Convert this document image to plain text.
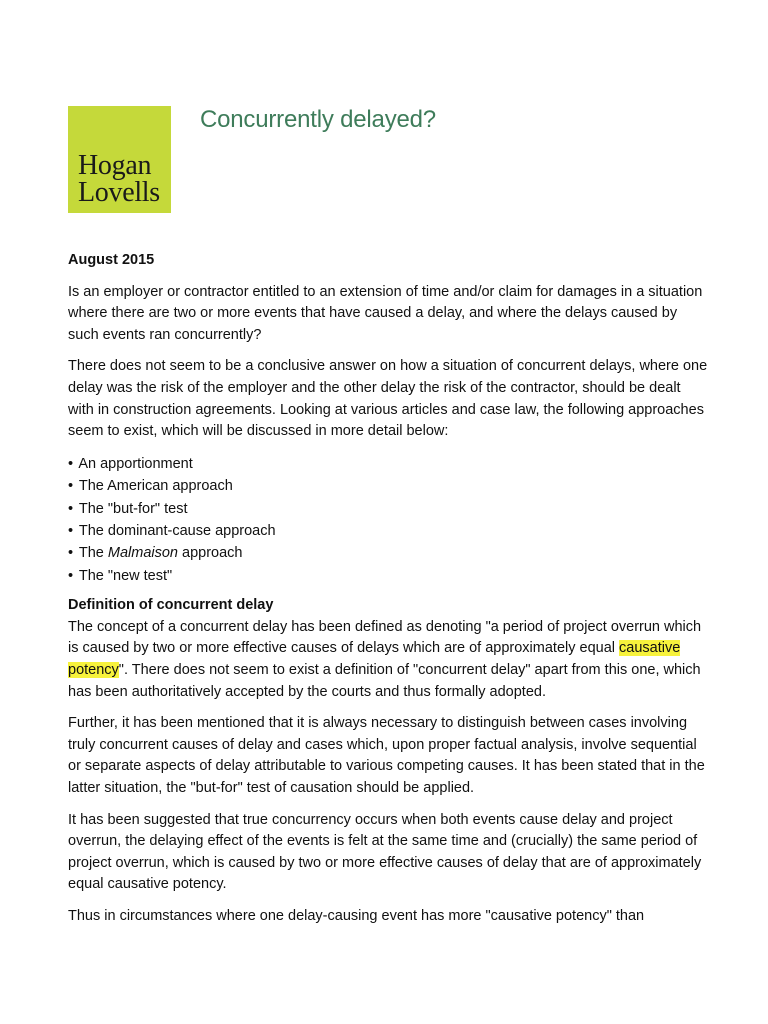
Hogan
Lovells
Concurrently delayed?

August 2015

Is an employer or contractor entitled to an extension of time and/or claim for damages in a situation where there are two or more events that have caused a delay, and where the delays caused by such events ran concurrently?

There does not seem to be a conclusive answer on how a situation of concurrent delays, where one delay was the risk of the employer and the other delay the risk of the contractor, should be dealt with in construction agreements. Looking at various articles and case law, the following approaches seem to exist, which will be discussed in more detail below:

• An apportionment
• The American approach
• The "but-for" test
• The dominant-cause approach
• The Malmaison approach
• The "new test"

Definition of concurrent delay

The concept of a concurrent delay has been defined as denoting "a period of project overrun which is caused by two or more effective causes of delays which are of approximately equal causative potency". There does not seem to exist a definition of "concurrent delay" apart from this one, which has been authoritatively accepted by the courts and thus formally adopted.

Further, it has been mentioned that it is always necessary to distinguish between cases involving truly concurrent causes of delay and cases which, upon proper factual analysis, involve sequential or separate aspects of delay attributable to various competing causes. It has been stated that in the latter situation, the "but-for" test of causation should be applied.

It has been suggested that true concurrency occurs when both events cause delay and project overrun, the delaying effect of the events is felt at the same time and (crucially) the same period of project overrun, which is caused by two or more effective causes of delay that are of approximately equal causative potency.

Thus in circumstances where one delay-causing event has more "causative potency" than
